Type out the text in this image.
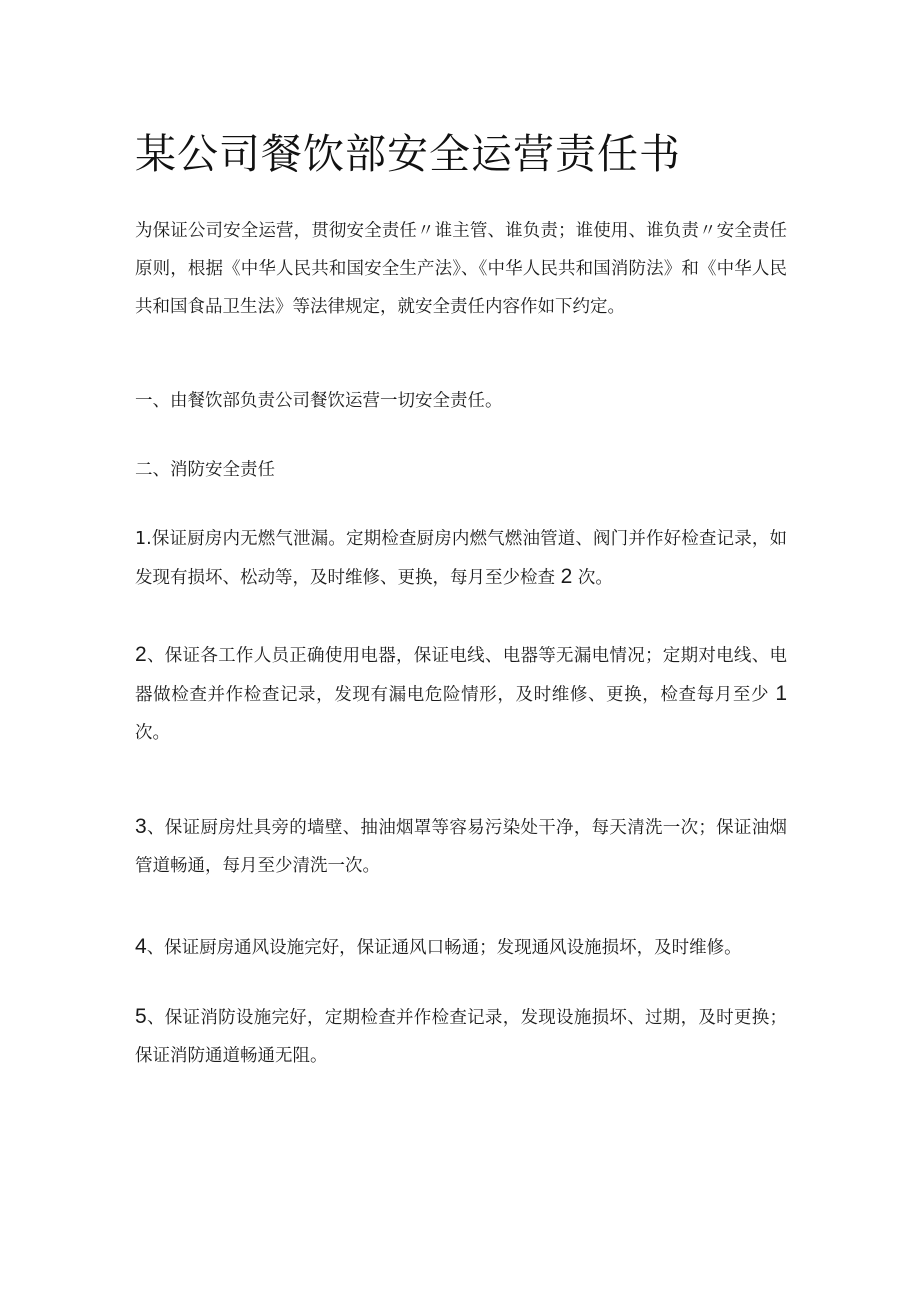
某公司餐饮部安全运营责任书

为保证公司安全运营，贯彻安全责任〃谁主管、谁负责；谁使用、谁负责〃安全责任原则，根据《中华人民共和国安全生产法》、《中华人民共和国消防法》和《中华人民共和国食品卫生法》等法律规定，就安全责任内容作如下约定。

一、由餐饮部负责公司餐饮运营一切安全责任。

二、消防安全责任

1.保证厨房内无燃气泄漏。定期检查厨房内燃气燃油管道、阀门并作好检查记录，如发现有损坏、松动等，及时维修、更换，每月至少检查 2 次。

2、保证各工作人员正确使用电器，保证电线、电器等无漏电情况；定期对电线、电器做检查并作检查记录，发现有漏电危险情形，及时维修、更换，检查每月至少 1 次。

3、保证厨房灶具旁的墙壁、抽油烟罩等容易污染处干净，每天清洗一次；保证油烟管道畅通，每月至少清洗一次。

4、保证厨房通风设施完好，保证通风口畅通；发现通风设施损坏，及时维修。

5、保证消防设施完好，定期检查并作检查记录，发现设施损坏、过期，及时更换；保证消防通道畅通无阻。
